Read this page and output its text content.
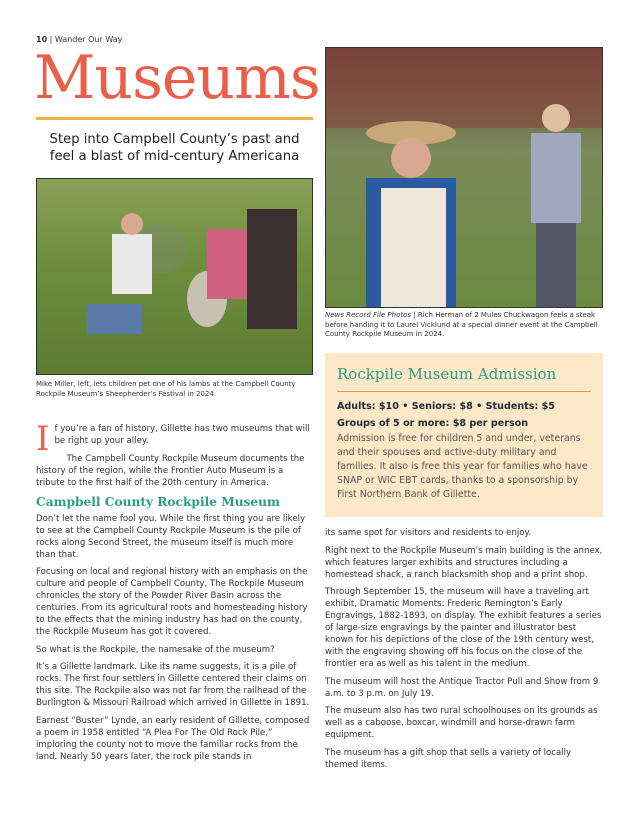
10 | Wander Our Way
Museums
Step into Campbell County’s past and feel a blast of mid-century Americana
Mike Miller, left, lets children pet one of his lambs at the Campbell County Rockpile Museum’s Sheepherder’s Festival in 2024.
News Record File Photos | Rich Herman of 2 Mules Chuckwagon feels a steak before handing it to Laurel Vicklund at a special dinner event at the Campbell County Rockpile Museum in 2024.
Rockpile Museum Admission
Adults: $10 • Seniors: $8 • Students: $5
Groups of 5 or more: $8 per person
Admission is free for children 5 and under, veterans and their spouses and active-duty military and families. It also is free this year for families who have SNAP or WIC EBT cards, thanks to a sponsorship by First Northern Bank of Gillette.

If you’re a fan of history, Gillette has two museums that will be right up your alley.

The Campbell County Rockpile Museum documents the history of the region, while the Frontier Auto Museum is a tribute to the first half of the 20th century in America.

Campbell County Rockpile Museum

Don’t let the name fool you. While the first thing you are likely to see at the Campbell County Rockpile Museum is the pile of rocks along Second Street, the museum itself is much more than that.

Focusing on local and regional history with an emphasis on the culture and people of Campbell County, The Rockpile Museum chronicles the story of the Powder River Basin across the centuries. From its agricultural roots and homesteading history to the effects that the mining industry has had on the county, the Rockpile Museum has got it covered.

So what is the Rockpile, the namesake of the museum?

It’s a Gillette landmark. Like its name suggests, it is a pile of rocks. The first four settlers in Gillette centered their claims on this site. The Rockpile also was not far from the railhead of the Burlington & Missouri Railroad which arrived in Gillette in 1891.

Earnest “Buster” Lynde, an early resident of Gillette, composed a poem in 1958 entitled “A Plea For The Old Rock Pile,” imploring the county not to move the familiar rocks from the land. Nearly 50 years later, the rock pile stands in

its same spot for visitors and residents to enjoy.

Right next to the Rockpile Museum’s main building is the annex, which features larger exhibits and structures including a homestead shack, a ranch blacksmith shop and a print shop.

Through September 15, the museum will have a traveling art exhibit, Dramatic Moments: Frederic Remington’s Early Engravings, 1882-1893, on display. The exhibit features a series of large-size engravings by the painter and illustrator best known for his depictions of the close of the 19th century west, with the engraving showing off his focus on the close of the frontier era as well as his talent in the medium.

The museum will host the Antique Tractor Pull and Show from 9 a.m. to 3 p.m. on July 19.

The museum also has two rural schoolhouses on its grounds as well as a caboose, boxcar, windmill and horse-drawn farm equipment.

The museum has a gift shop that sells a variety of locally themed items.
